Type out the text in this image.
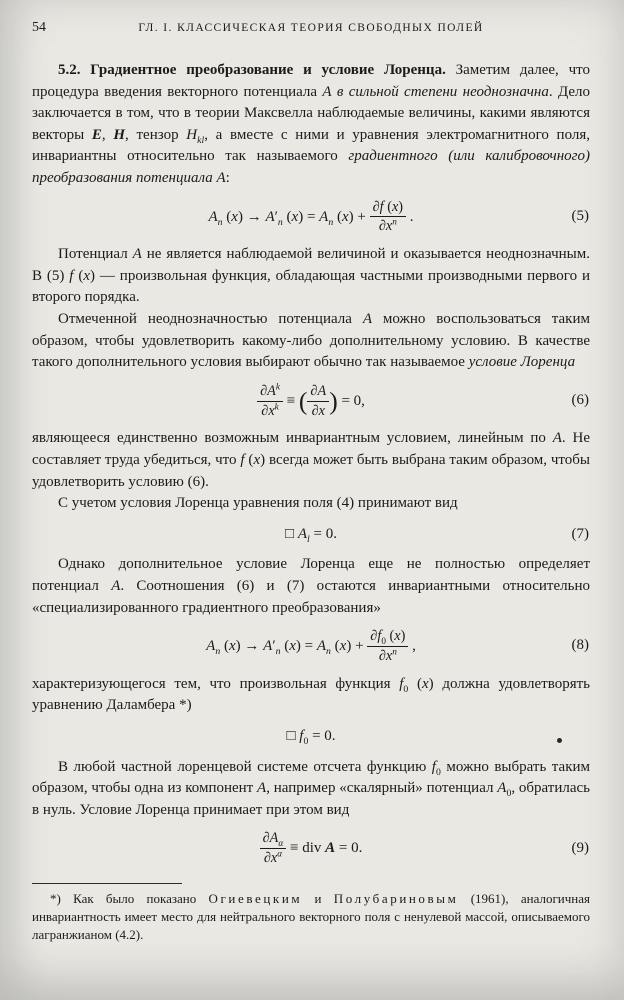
54	ГЛ. I. КЛАССИЧЕСКАЯ ТЕОРИЯ СВОБОДНЫХ ПОЛЕЙ

5.2. Градиентное преобразование и условие Лоренца. Заметим далее, что процедура введения векторного потенциала A в сильной степени неоднозначна. Дело заключается в том, что в теории Максвелла наблюдаемые величины, какими являются векторы E, H, тензор $H_{kl}$, а вместе с ними и уравнения электромагнитного поля, инвариантны относительно так называемого градиентного (или калибровочного) преобразования потенциала A:

$A_n$ $(x) \to A'_n$ $(x) = A_n$ $(x) + \frac{\partial f (x)}{\partial x^n}$ .	(5)

Потенциал A не является наблюдаемой величиной и оказывается неоднозначным. В (5) f (x) — произвольная функция, обладающая частными производными первого и второго порядка.

Отмеченной неоднозначностью потенциала A можно воспользоваться таким образом, чтобы удовлетворить какому-либо дополнительному условию. В качестве такого дополнительного условия выбирают обычно так называемое условие Лоренца

$\frac{\partial A^k}{\partial x^k}$ ≡ ( $\frac{\partial A}{\partial x}$ ) = 0,	(6)

являющееся единственно возможным инвариантным условием, линейным по A. Не составляет труда убедиться, что f (x) всегда может быть выбрана таким образом, чтобы удовлетворить условию (6).

С учетом условия Лоренца уравнения поля (4) принимают вид

□ $A_l = 0$.	(7)

Однако дополнительное условие Лоренца еще не полностью определяет потенциал A. Соотношения (6) и (7) остаются инвариантными относительно «специализированного градиентного преобразования»

$A_n$ $(x) \to A'_n$ $(x) = A_n$ $(x) + \frac{\partial f_0 (x)}{\partial x^n}$ ,	(8)

характеризующегося тем, что произвольная функция $f_0$ (x) должна удовлетворять уравнению Даламбера *)

□ $f_0 = 0$.

В любой частной лоренцевой системе отсчета функцию $f_0$ можно выбрать таким образом, чтобы одна из компонент A, например «скалярный» потенциал $A_0$, обратилась в нуль. Условие Лоренца принимает при этом вид

$\frac{\partial A_\alpha}{\partial x^\alpha}$ ≡ div A = 0.	(9)

*) Как было показано Огиевецким и Полубариновым (1961), аналогичная инвариантность имеет место для нейтрального векторного поля с ненулевой массой, описываемого лагранжианом (4.2).
